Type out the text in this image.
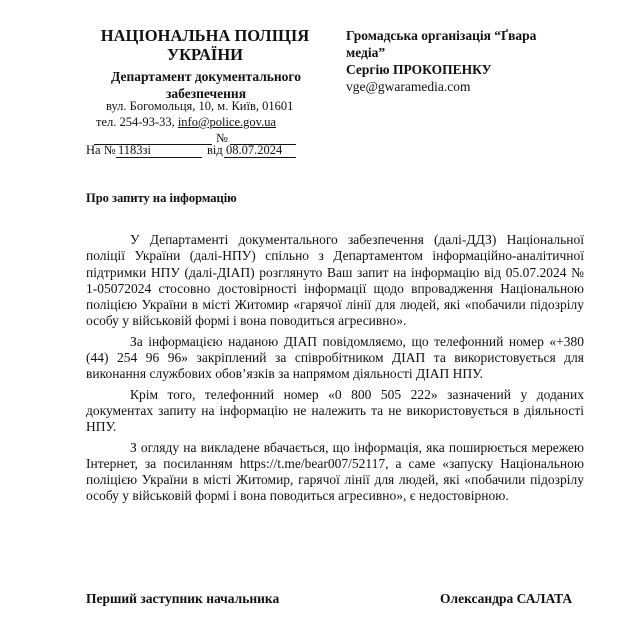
НАЦІОНАЛЬНА ПОЛІЦІЯ
УКРАЇНИ
Департамент документального забезпечення
вул. Богомольця, 10, м. Київ, 01601
тел. 254-93-33, info@police.gov.ua
№
На № 1183зі	від 08.07.2024
Громадська організація “Ґвара
медіа”
Сергію ПРОКОПЕНКУ
vge@gwaramedia.com
Про запиту на інформацію

У Департаменті документального забезпечення (далі-ДДЗ) Національної поліції України (далі-НПУ) спільно з Департаментом інформаційно-аналітичної підтримки НПУ (далі-ДІАП) розглянуто Ваш запит на інформацію від 05.07.2024 № 1-05072024 стосовно достовірності інформації щодо впровадження Національною поліцією України в місті Житомир «гарячої лінії для людей, які «побачили підозрілу особу у військовій формі і вона поводиться агресивно».

За інформацією наданою ДІАП повідомляємо, що телефонний номер «+380 (44) 254 96 96» закріплений за співробітником ДІАП та використовується для виконання службових обов’язків за напрямом діяльності ДІАП НПУ.

Крім того, телефонний номер «0 800 505 222» зазначений у доданих документах запиту на інформацію не належить та не використовується в діяльності НПУ.

З огляду на викладене вбачається, що інформація, яка поширюється мережею Інтернет, за посиланням https://t.me/bear007/52117, а саме «запуску Національною поліцією України в місті Житомир, гарячої лінії для людей, які «побачили підозрілу особу у військовій формі і вона поводиться агресивно», є недостовірною.

Перший заступник начальника	Олександра САЛАТА
